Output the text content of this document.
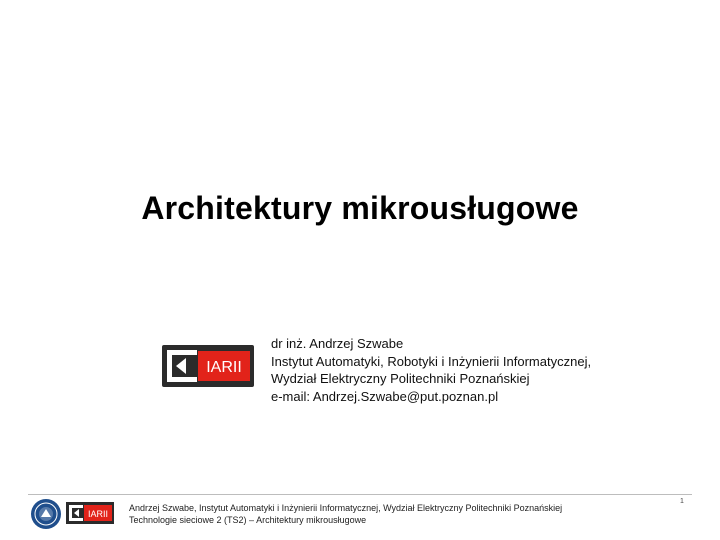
Architektury mikrousługowe
IARII
dr inż. Andrzej Szwabe
Instytut Automatyki, Robotyki i Inżynierii Informatycznej,
Wydział Elektryczny Politechniki Poznańskiej
e-mail: Andrzej.Szwabe@put.poznan.pl
IARII
Andrzej Szwabe, Instytut Automatyki i Inżynierii Informatycznej, Wydział Elektryczny Politechniki Poznańskiej
Technologie sieciowe 2 (TS2) – Architektury mikrousługowe
1
